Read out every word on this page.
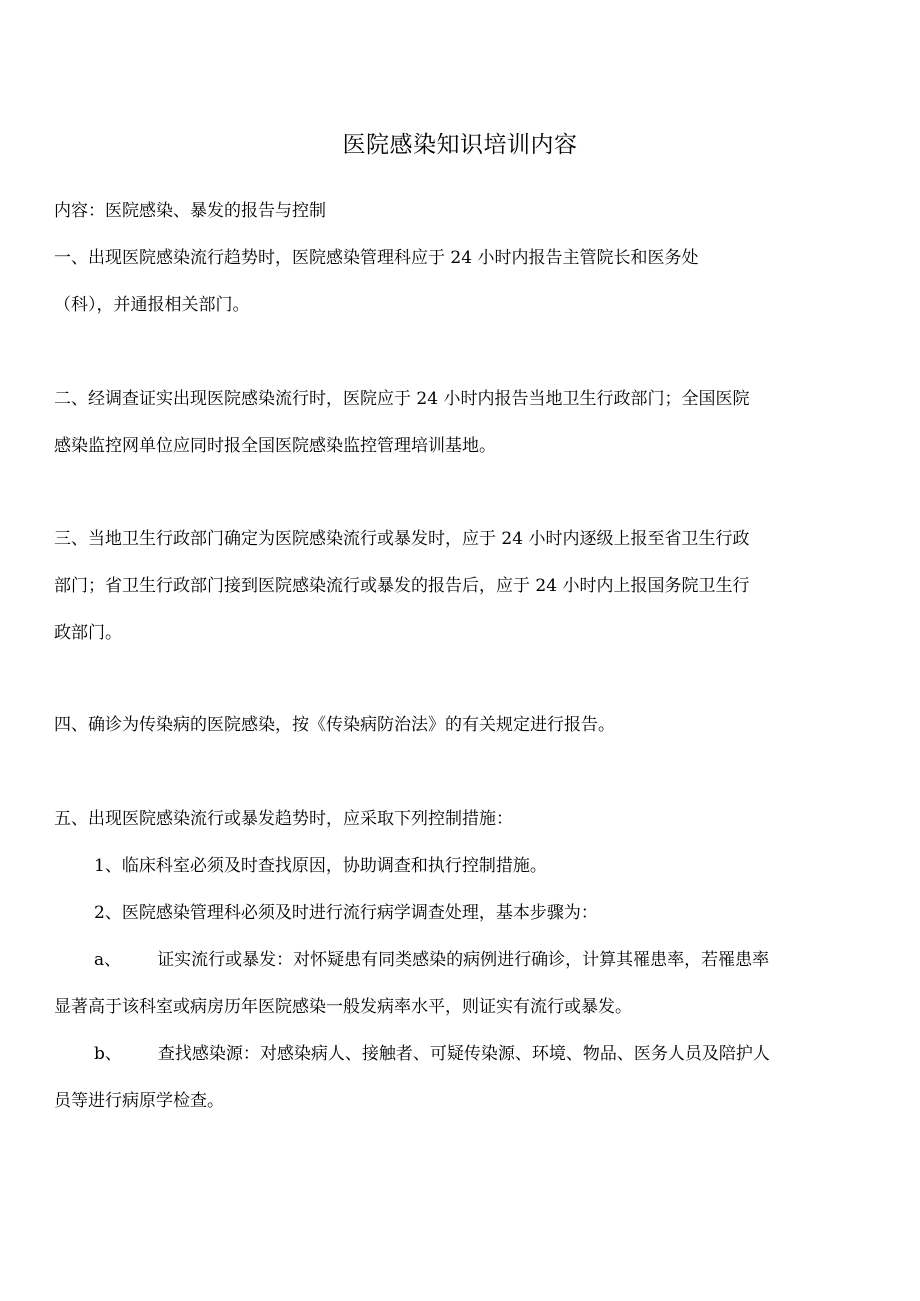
医院感染知识培训内容
内容：医院感染、暴发的报告与控制
一、出现医院感染流行趋势时，医院感染管理科应于 24 小时内报告主管院长和医务处
（科），并通报相关部门。
二、经调查证实出现医院感染流行时，医院应于 24 小时内报告当地卫生行政部门；全国医院
感染监控网单位应同时报全国医院感染监控管理培训基地。
三、当地卫生行政部门确定为医院感染流行或暴发时，应于 24 小时内逐级上报至省卫生行政
部门；省卫生行政部门接到医院感染流行或暴发的报告后，应于 24 小时内上报国务院卫生行
政部门。
四、确诊为传染病的医院感染，按《传染病防治法》的有关规定进行报告。
五、出现医院感染流行或暴发趋势时，应采取下列控制措施：
1、临床科室必须及时查找原因，协助调查和执行控制措施。
2、医院感染管理科必须及时进行流行病学调查处理，基本步骤为：
a、 证实流行或暴发：对怀疑患有同类感染的病例进行确诊，计算其罹患率，若罹患率
显著高于该科室或病房历年医院感染一般发病率水平，则证实有流行或暴发。
b、 查找感染源：对感染病人、接触者、可疑传染源、环境、物品、医务人员及陪护人
员等进行病原学检查。
